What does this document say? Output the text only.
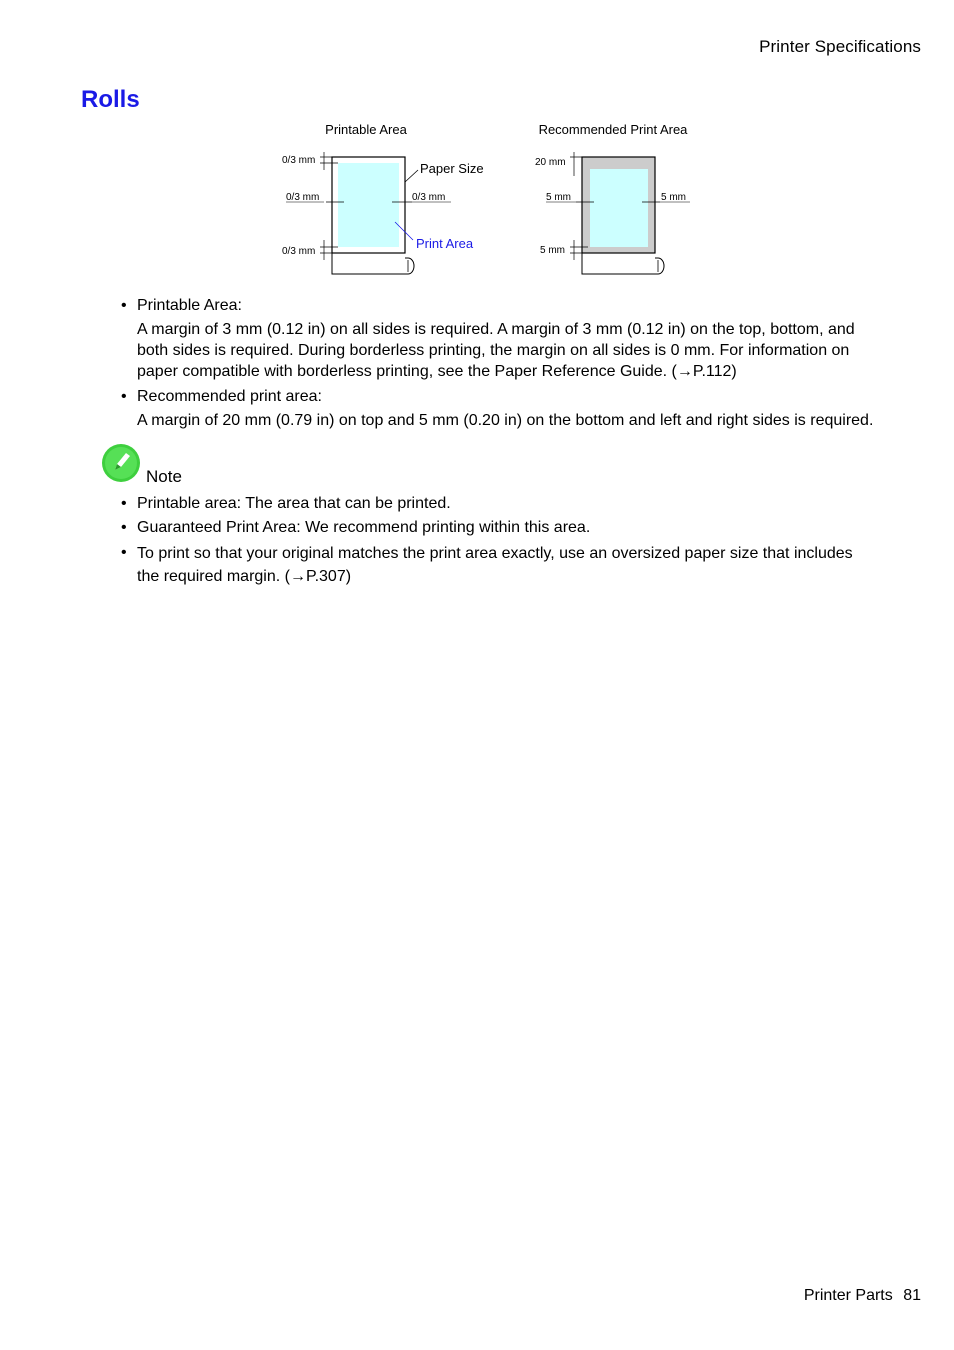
Printer Specifications
Rolls
Printable Area
0/3 mm
0/3 mm	0/3 mm
0/3 mm
Paper Size
Print Area
Recommended Print Area
20 mm
5 mm	5 mm
5 mm
• Printable Area:

A margin of 3 mm (0.12 in) on all sides is required. A margin of 3 mm (0.12 in) on the top, bottom, and both sides is required. During borderless printing, the margin on all sides is 0 mm. For information on paper compatible with borderless printing, see the Paper Reference Guide. (→P.112)

• Recommended print area:

A margin of 20 mm (0.79 in) on top and 5 mm (0.20 in) on the bottom and left and right sides is required.

Note
• Printable area: The area that can be printed.
• Guaranteed Print Area: We recommend printing within this area.
• To print so that your original matches the print area exactly, use an oversized paper size that includes the required margin. (→P.307)

Printer Parts 81
